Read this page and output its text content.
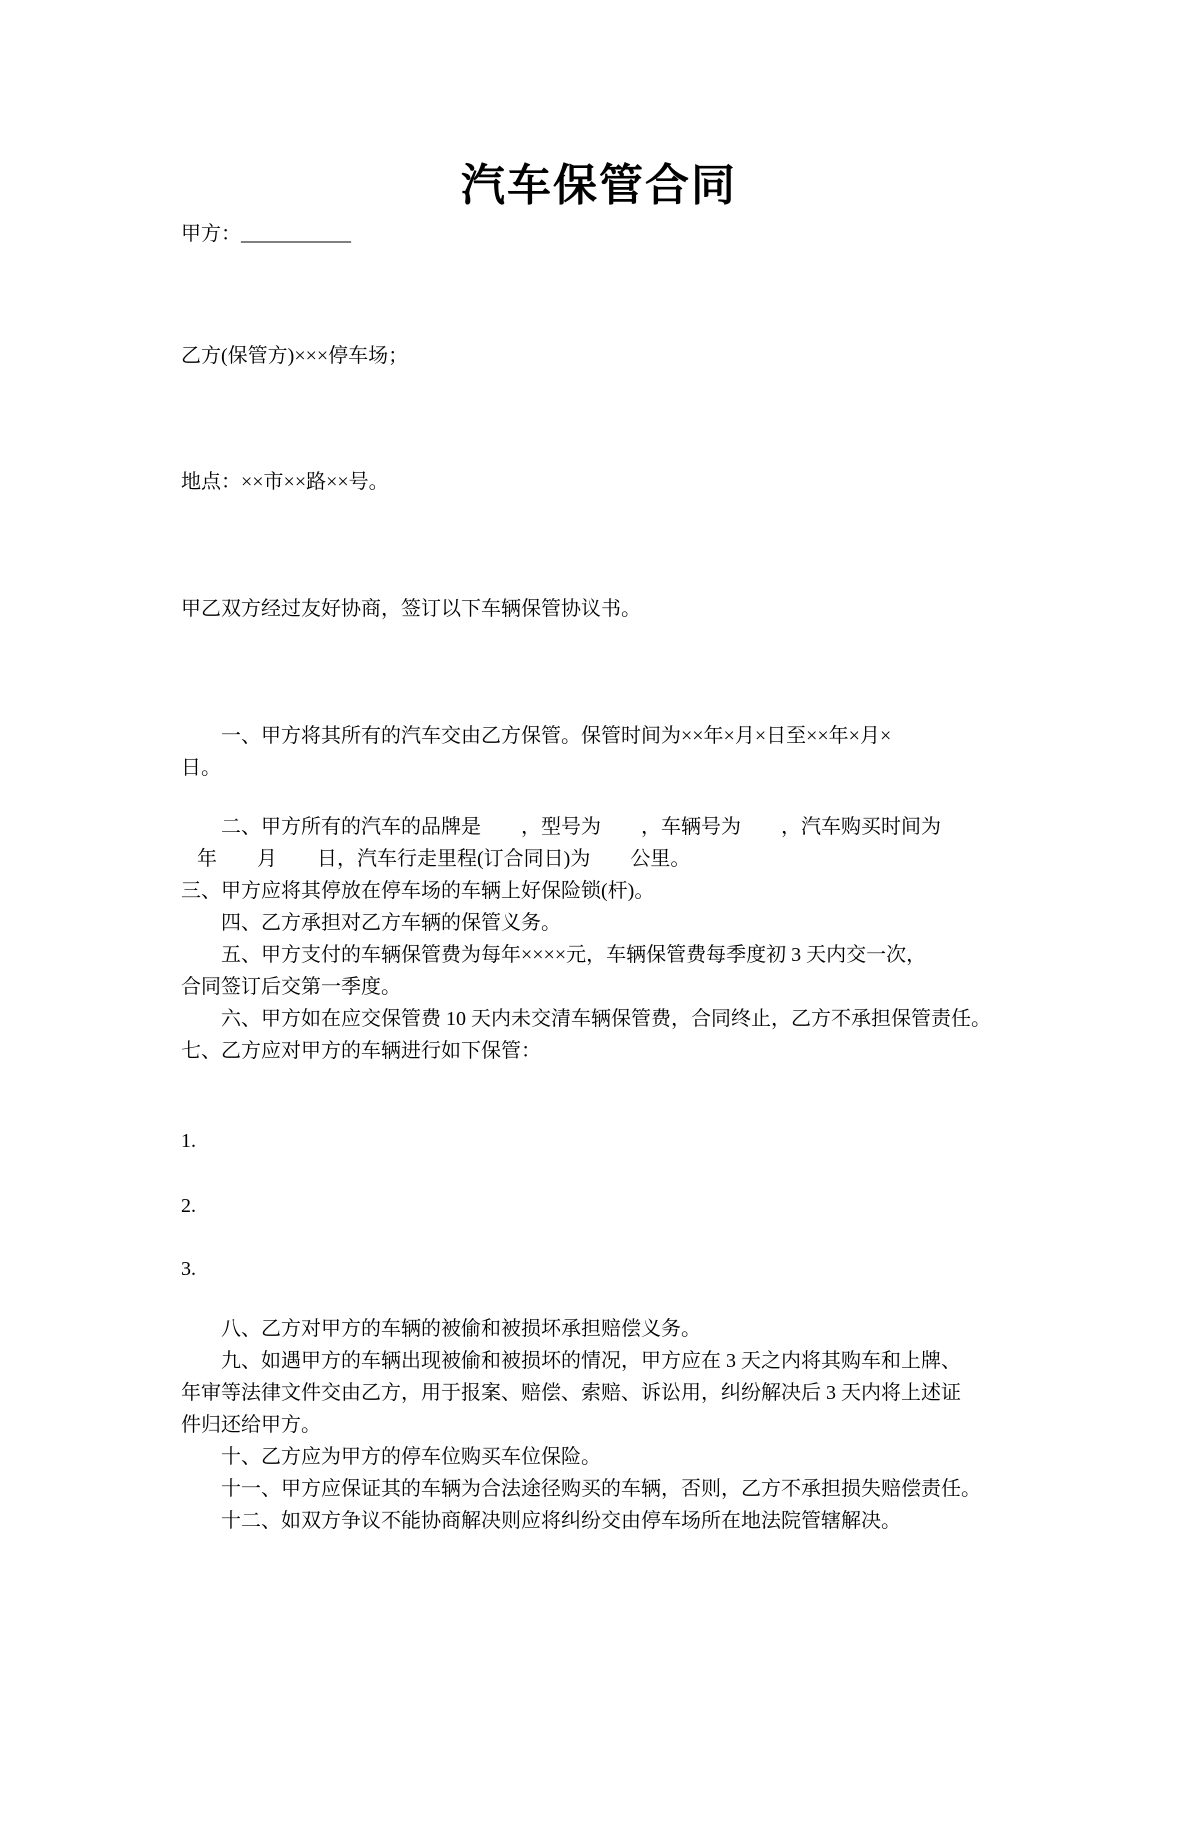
汽车保管合同

甲方：___________

乙方(保管方)×××停车场；

地点：××市××路××号。

甲乙双方经过友好协商，签订以下车辆保管协议书。

一、甲方将其所有的汽车交由乙方保管。保管时间为××年×月×日至××年×月×

日。

二、甲方所有的汽车的品牌是　　，型号为　　，车辆号为　　，汽车购买时间为

年　　月　　日，汽车行走里程(订合同日)为　　公里。

三、甲方应将其停放在停车场的车辆上好保险锁(杆)。

四、乙方承担对乙方车辆的保管义务。

五、甲方支付的车辆保管费为每年××××元，车辆保管费每季度初 3 天内交一次，

合同签订后交第一季度。

六、甲方如在应交保管费 10 天内未交清车辆保管费，合同终止，乙方不承担保管责任。

七、乙方应对甲方的车辆进行如下保管：

1.

2.

3.

八、乙方对甲方的车辆的被偷和被损坏承担赔偿义务。

九、如遇甲方的车辆出现被偷和被损坏的情况，甲方应在 3 天之内将其购车和上牌、

年审等法律文件交由乙方，用于报案、赔偿、索赔、诉讼用，纠纷解决后 3 天内将上述证

件归还给甲方。

十、乙方应为甲方的停车位购买车位保险。

十一、甲方应保证其的车辆为合法途径购买的车辆，否则，乙方不承担损失赔偿责任。

十二、如双方争议不能协商解决则应将纠纷交由停车场所在地法院管辖解决。
